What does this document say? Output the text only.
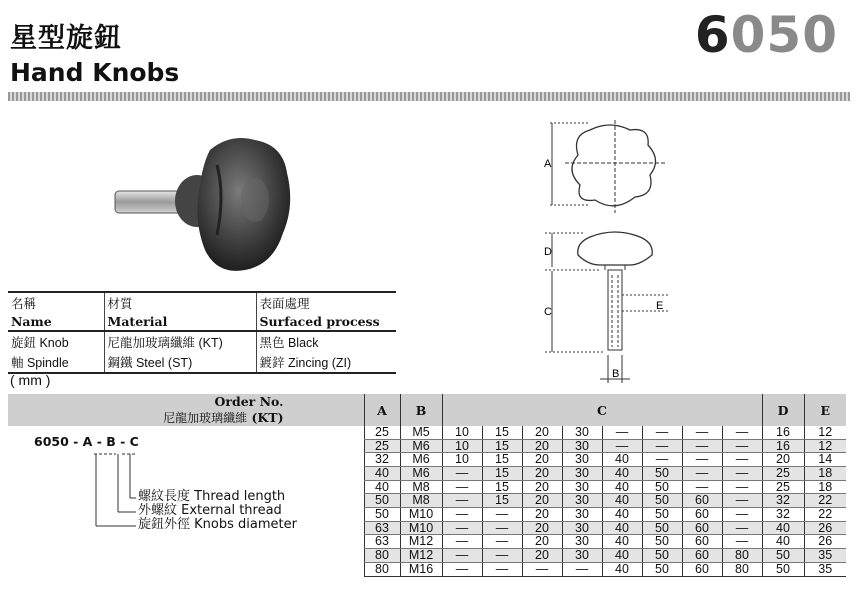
星型旋鈕
Hand Knobs
6050
A
D
C	E
B
名稱	材質	表面處理
Name	Material	Surfaced process
旋鈕 Knob	尼龍加玻璃纖維 (KT)	黑色 Black
軸 Spindle	鋼鐵 Steel (ST)	鍍鋅 Zincing (ZI)
( mm )
Order No.
尼龍加玻璃纖維 (KT)	A	B	C								D	E

6050 - A - B - C
螺紋長度 Thread length
外螺紋 External thread
旋鈕外徑 Knobs diameter	25	M5	10	15	20	30	—	—	—	—	16	12
	25	M6	10	15	20	30	—	—	—	—	16	12
	32	M6	10	15	20	30	40	—	—	—	20	14
	40	M6	—	15	20	30	40	50	—	—	25	18
	40	M8	—	15	20	30	40	50	—	—	25	18
	50	M8	—	15	20	30	40	50	60	—	32	22
	50	M10	—	—	20	30	40	50	60	—	32	22
	63	M10	—	—	20	30	40	50	60	—	40	26
	63	M12	—	—	20	30	40	50	60	—	40	26
	80	M12	—	—	20	30	40	50	60	80	50	35
	80	M16	—	—	—	—	40	50	60	80	50	35
